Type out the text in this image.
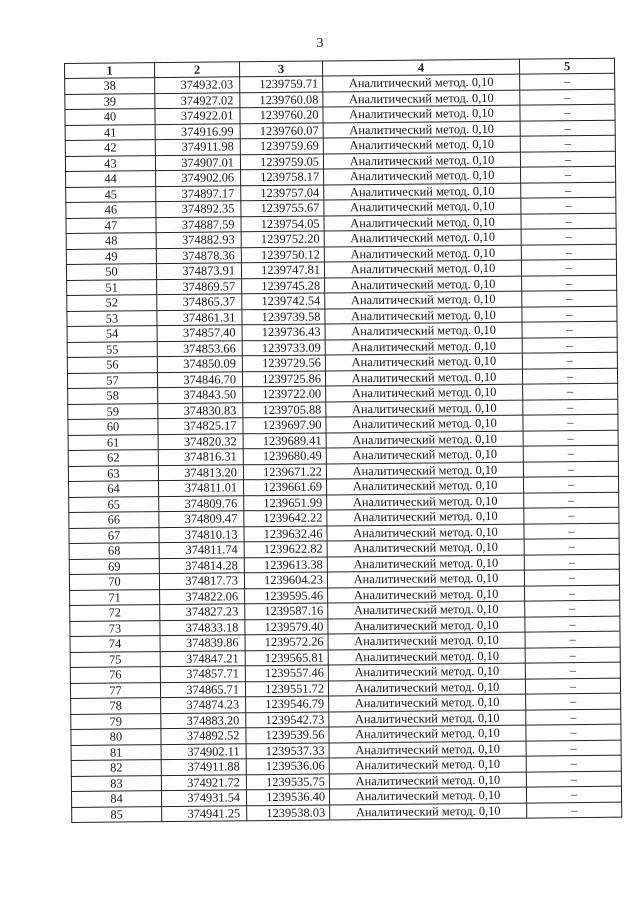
3
1	2	3	4	5
38	374932.03	1239759.71	Аналитический метод. 0,10	–
39	374927.02	1239760.08	Аналитический метод. 0,10	–
40	374922.01	1239760.20	Аналитический метод. 0,10	–
41	374916.99	1239760.07	Аналитический метод. 0,10	–
42	374911.98	1239759.69	Аналитический метод. 0,10	–
43	374907.01	1239759.05	Аналитический метод. 0,10	–
44	374902.06	1239758.17	Аналитический метод. 0,10	–
45	374897.17	1239757.04	Аналитический метод. 0,10	–
46	374892.35	1239755.67	Аналитический метод. 0,10	–
47	374887.59	1239754.05	Аналитический метод. 0,10	–
48	374882.93	1239752.20	Аналитический метод. 0,10	–
49	374878.36	1239750.12	Аналитический метод. 0,10	–
50	374873.91	1239747.81	Аналитический метод. 0,10	–
51	374869.57	1239745.28	Аналитический метод. 0,10	–
52	374865.37	1239742.54	Аналитический метод. 0,10	–
53	374861.31	1239739.58	Аналитический метод. 0,10	–
54	374857.40	1239736.43	Аналитический метод. 0,10	–
55	374853.66	1239733.09	Аналитический метод. 0,10	–
56	374850.09	1239729.56	Аналитический метод. 0,10	–
57	374846.70	1239725.86	Аналитический метод. 0,10	–
58	374843.50	1239722.00	Аналитический метод. 0,10	–
59	374830.83	1239705.88	Аналитический метод. 0,10	–
60	374825.17	1239697.90	Аналитический метод. 0,10	–
61	374820.32	1239689.41	Аналитический метод. 0,10	–
62	374816.31	1239680.49	Аналитический метод. 0,10	–
63	374813.20	1239671.22	Аналитический метод. 0,10	–
64	374811.01	1239661.69	Аналитический метод. 0,10	–
65	374809.76	1239651.99	Аналитический метод. 0,10	–
66	374809.47	1239642.22	Аналитический метод. 0,10	–
67	374810.13	1239632.46	Аналитический метод. 0,10	–
68	374811.74	1239622.82	Аналитический метод. 0,10	–
69	374814.28	1239613.38	Аналитический метод. 0,10	–
70	374817.73	1239604.23	Аналитический метод. 0,10	–
71	374822.06	1239595.46	Аналитический метод. 0,10	–
72	374827.23	1239587.16	Аналитический метод. 0,10	–
73	374833.18	1239579.40	Аналитический метод. 0,10	–
74	374839.86	1239572.26	Аналитический метод. 0,10	–
75	374847.21	1239565.81	Аналитический метод. 0,10	–
76	374857.71	1239557.46	Аналитический метод. 0,10	–
77	374865.71	1239551.72	Аналитический метод. 0,10	–
78	374874.23	1239546.79	Аналитический метод. 0,10	–
79	374883.20	1239542.73	Аналитический метод. 0,10	–
80	374892.52	1239539.56	Аналитический метод. 0,10	–
81	374902.11	1239537.33	Аналитический метод. 0,10	–
82	374911.88	1239536.06	Аналитический метод. 0,10	–
83	374921.72	1239535.75	Аналитический метод. 0,10	–
84	374931.54	1239536.40	Аналитический метод. 0,10	–
85	374941.25	1239538.03	Аналитический метод. 0,10	–
